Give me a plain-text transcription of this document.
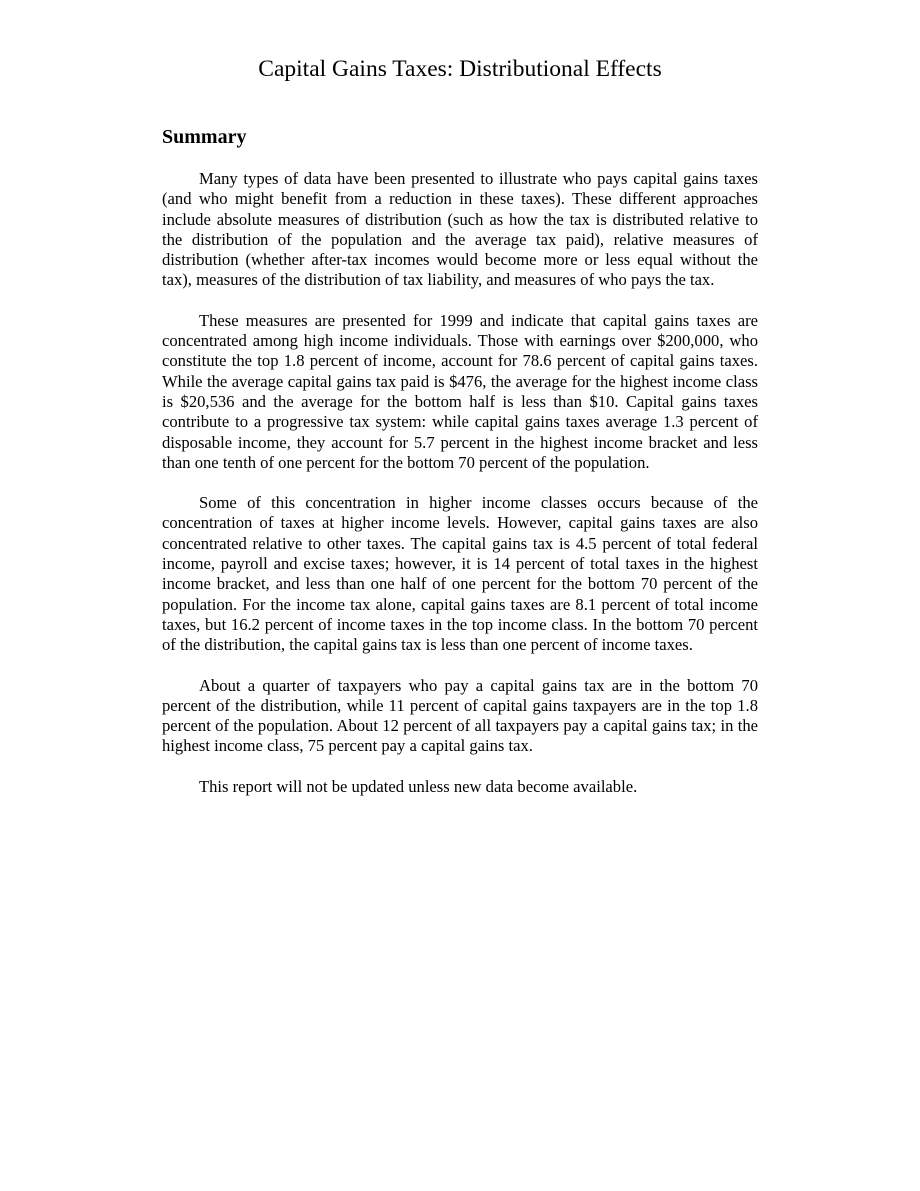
Capital Gains Taxes: Distributional Effects
Summary

Many types of data have been presented to illustrate who pays capital gains taxes (and who might benefit from a reduction in these taxes). These different approaches include absolute measures of distribution (such as how the tax is distributed relative to the distribution of the population and the average tax paid), relative measures of distribution (whether after-tax incomes would become more or less equal without the tax), measures of the distribution of tax liability, and measures of who pays the tax.

These measures are presented for 1999 and indicate that capital gains taxes are concentrated among high income individuals. Those with earnings over $200,000, who constitute the top 1.8 percent of income, account for 78.6 percent of capital gains taxes. While the average capital gains tax paid is $476, the average for the highest income class is $20,536 and the average for the bottom half is less than $10. Capital gains taxes contribute to a progressive tax system: while capital gains taxes average 1.3 percent of disposable income, they account for 5.7 percent in the highest income bracket and less than one tenth of one percent for the bottom 70 percent of the population.

Some of this concentration in higher income classes occurs because of the concentration of taxes at higher income levels. However, capital gains taxes are also concentrated relative to other taxes. The capital gains tax is 4.5 percent of total federal income, payroll and excise taxes; however, it is 14 percent of total taxes in the highest income bracket, and less than one half of one percent for the bottom 70 percent of the population. For the income tax alone, capital gains taxes are 8.1 percent of total income taxes, but 16.2 percent of income taxes in the top income class. In the bottom 70 percent of the distribution, the capital gains tax is less than one percent of income taxes.

About a quarter of taxpayers who pay a capital gains tax are in the bottom 70 percent of the distribution, while 11 percent of capital gains taxpayers are in the top 1.8 percent of the population. About 12 percent of all taxpayers pay a capital gains tax; in the highest income class, 75 percent pay a capital gains tax.

This report will not be updated unless new data become available.
